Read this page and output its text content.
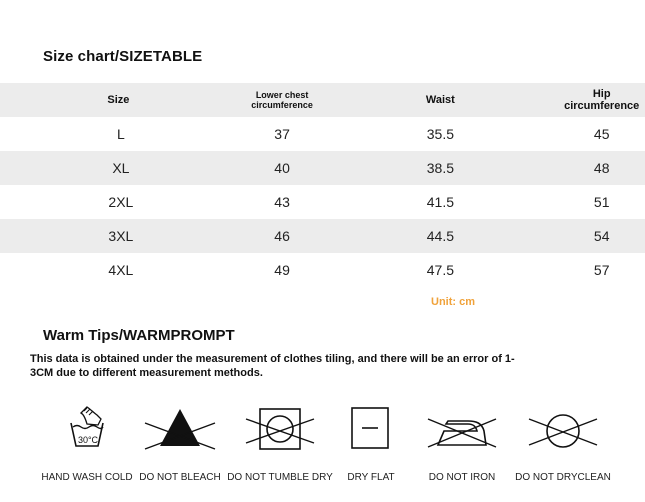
Size chart/SIZETABLE
Size	Lower chest circumference	Waist	Hip circumference
L	37	35.5	45
XL	40	38.5	48
2XL	43	41.5	51
3XL	46	44.5	54
4XL	49	47.5	57
Unit: cm
Warm Tips/WARMPROMPT
This data is obtained under the measurement of clothes tiling, and there will be an error of 1-3CM due to different measurement methods.
30°C
HAND WASH COLD DO NOT BLEACH DO NOT TUMBLE DRY	DRY FLAT	DO NOT IRON	DO NOT DRYCLEAN
